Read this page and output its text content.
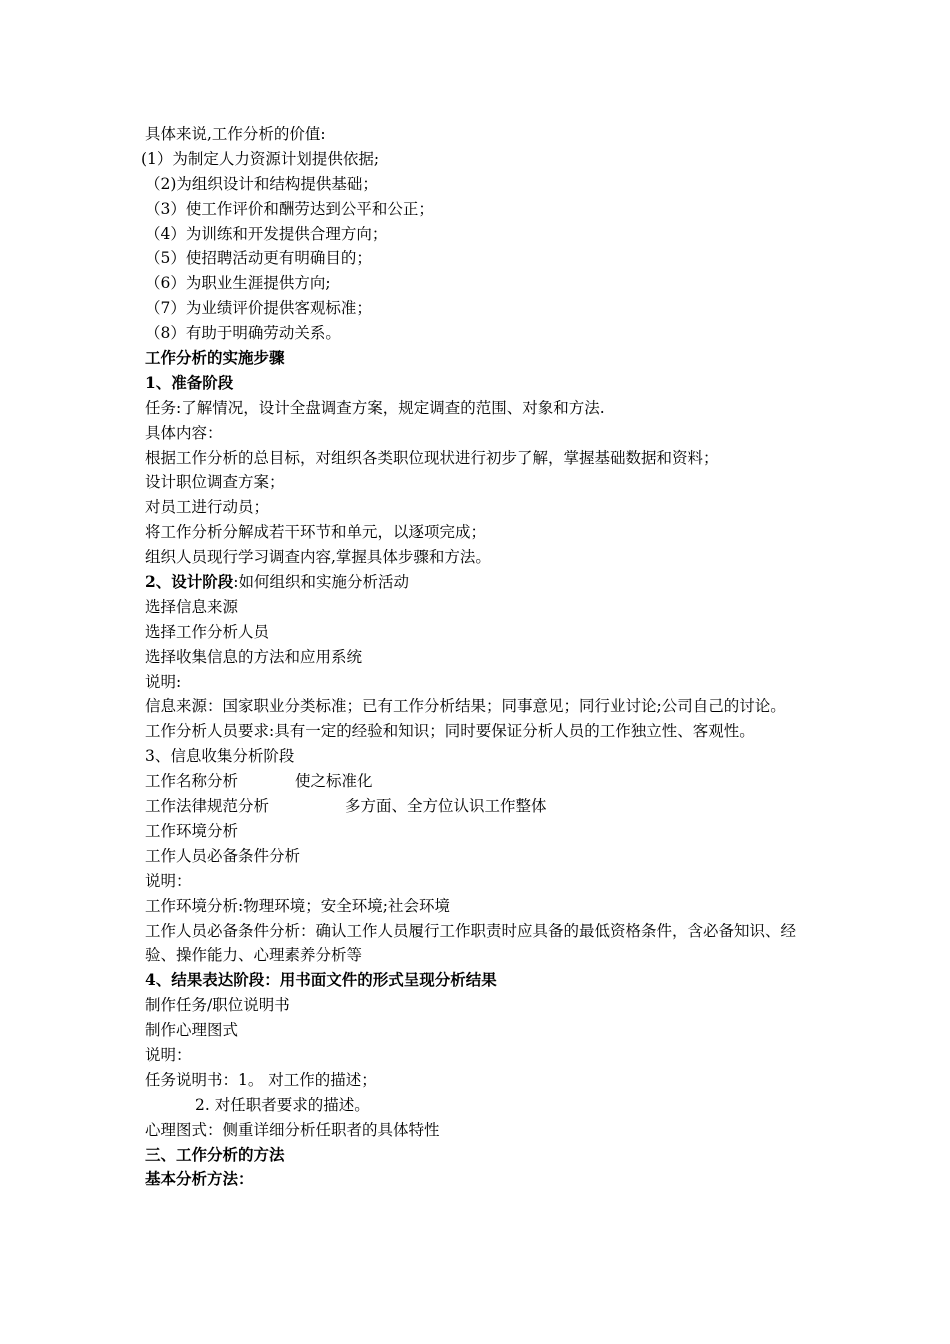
具体来说,工作分析的价值:
(1）为制定人力资源计划提供依据;
（2)为组织设计和结构提供基础；
（3）使工作评价和酬劳达到公平和公正；
（4）为训练和开发提供合理方向；
（5）使招聘活动更有明确目的；
（6）为职业生涯提供方向;
（7）为业绩评价提供客观标准；
（8）有助于明确劳动关系。
工作分析的实施步骤
1、准备阶段
任务:了解情况，设计全盘调查方案，规定调查的范围、对象和方法.
具体内容：
根据工作分析的总目标，对组织各类职位现状进行初步了解，掌握基础数据和资料；
设计职位调查方案；
对员工进行动员；
将工作分析分解成若干环节和单元，以逐项完成；
组织人员现行学习调查内容,掌握具体步骤和方法。
2、设计阶段:如何组织和实施分析活动
选择信息来源
选择工作分析人员
选择收集信息的方法和应用系统
说明:
信息来源：国家职业分类标准；已有工作分析结果；同事意见；同行业讨论;公司自己的讨论。
工作分析人员要求:具有一定的经验和知识；同时要保证分析人员的工作独立性、客观性。
3、信息收集分析阶段
工作名称分析	使之标准化
工作法律规范分析	多方面、全方位认识工作整体
工作环境分析
工作人员必备条件分析
说明：
工作环境分析:物理环境；安全环境;社会环境
工作人员必备条件分析：确认工作人员履行工作职责时应具备的最低资格条件，含必备知识、经验、操作能力、心理素养分析等
4、结果表达阶段：用书面文件的形式呈现分析结果
制作任务/职位说明书
制作心理图式
说明：
任务说明书：1。 对工作的描述；
2. 对任职者要求的描述。
心理图式：侧重详细分析任职者的具体特性
三、工作分析的方法
基本分析方法：
